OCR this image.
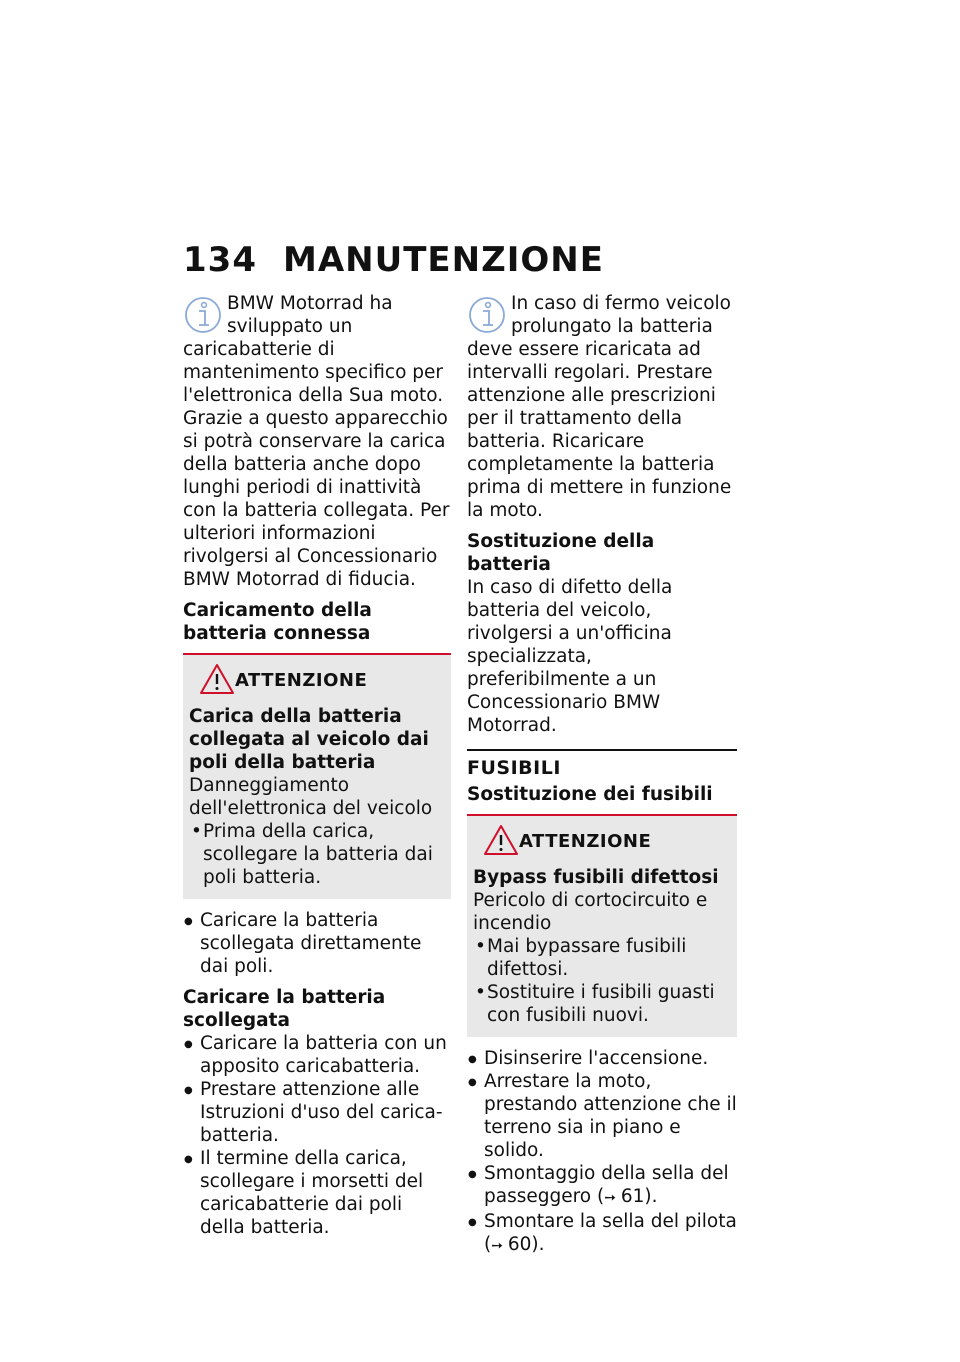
134 MANUTENZIONE

BMW Motorrad ha sviluppato un caricabatterie di mantenimento specifico per l'elettronica della Sua moto. Grazie a questo apparecchio si potrà conservare la carica della batteria anche dopo lunghi periodi di inattività con la batteria collegata. Per ulteriori informazioni rivolgersi al Concessionario BMW Motorrad di fiducia.

Caricamento della batteria connessa

ATTENZIONE

Carica della batteria collegata al veicolo dai poli della batteria

Danneggiamento dell'elettronica del veicolo

• Prima della carica, scollegare la batteria dai poli batteria.
● Caricare la batteria scollegata direttamente dai poli.

Caricare la batteria scollegata

● Caricare la batteria con un apposito caricabatteria.
● Prestare attenzione alle Istruzioni d'uso del carica-batteria.
● Il termine della carica, scollegare i morsetti del caricabatterie dai poli della batteria.

In caso di fermo veicolo prolungato la batteria deve essere ricaricata ad intervalli regolari. Prestare attenzione alle prescrizioni per il trattamento della batteria. Ricaricare completamente la batteria prima di mettere in funzione la moto.

Sostituzione della batteria

In caso di difetto della batteria del veicolo, rivolgersi a un'officina specializzata, preferibilmente a un Concessionario BMW Motorrad.

FUSIBILI

Sostituzione dei fusibili

ATTENZIONE

Bypass fusibili difettosi

Pericolo di cortocircuito e incendio

• Mai bypassare fusibili difettosi.
• Sostituire i fusibili guasti con fusibili nuovi.
● Disinserire l'accensione.
● Arrestare la moto, prestando attenzione che il terreno sia in piano e solido.
● Smontaggio della sella del passeggero (➙ 61).
● Smontare la sella del pilota (➙ 60).
